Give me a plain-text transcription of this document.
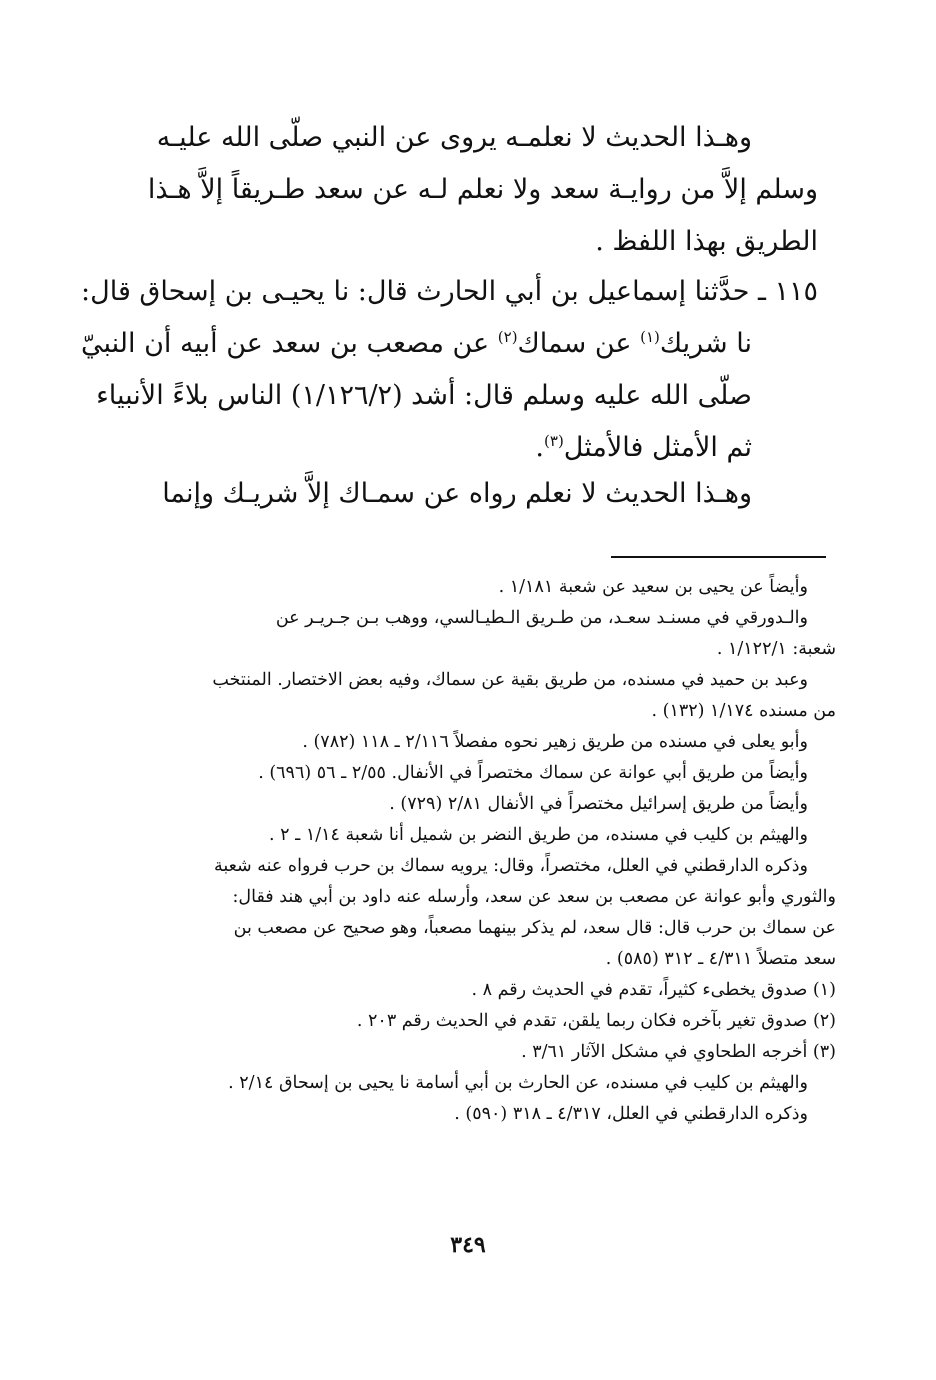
وهـذا الحديث لا نعلمـه يروى عن النبي صلّى الله عليـه
وسلم إلاَّ من روايـة سعد ولا نعلم لـه عن سعد طـريقاً إلاَّ هـذا
الطريق بهذا اللفظ .
١١٥ ـ حدَّثنا إسماعيل بن أبي الحارث قال: نا يحيـى بن إسحاق قال:
نا شريك$^{(١)}$ عن سماك$^{(٢)}$ عن مصعب بن سعد عن أبيه أن النبيّ
صلّى الله عليه وسلم قال: أشد (١/١٢٦/٢) الناس بلاءً الأنبياء
ثم الأمثل فالأمثل$^{(٣)}$.
وهـذا الحديث لا نعلم رواه عن سمـاك إلاَّ شريـك وإنما
وأيضاً عن يحيى بن سعيد عن شعبة ١/١٨١ .
والـدورقي في مسنـد سعـد، من طـريق الـطيـالسي، ووهب بـن جـريـر عن
شعبة: ١/١٢٢/١ .
وعبد بن حميد في مسنده، من طريق بقية عن سماك، وفيه بعض الاختصار. المنتخب
من مسنده ١/١٧٤ (١٣٢) .
وأبو يعلى في مسنده من طريق زهير نحوه مفصلاً ٢/١١٦ ـ ١١٨ (٧٨٢) .
وأيضاً من طريق أبي عوانة عن سماك مختصراً في الأنفال. ٢/٥٥ ـ ٥٦ (٦٩٦) .
وأيضاً من طريق إسرائيل مختصراً في الأنفال ٢/٨١ (٧٢٩) .
والهيثم بن كليب في مسنده، من طريق النضر بن شميل أنا شعبة ١/١٤ ـ ٢ .
وذكره الدارقطني في العلل، مختصراً، وقال: يرويه سماك بن حرب فرواه عنه شعبة
والثوري وأبو عوانة عن مصعب بن سعد عن سعد، وأرسله عنه داود بن أبي هند فقال:
عن سماك بن حرب قال: قال سعد، لم يذكر بينهما مصعباً، وهو صحيح عن مصعب بن
سعد متصلاً ٤/٣١١ ـ ٣١٢ (٥٨٥) .
(١) صدوق يخطىء كثيراً، تقدم في الحديث رقم ٨ .
(٢) صدوق تغير بآخره فكان ربما يلقن، تقدم في الحديث رقم ٢٠٣ .
(٣) أخرجه الطحاوي في مشكل الآثار ٣/٦١ .
والهيثم بن كليب في مسنده، عن الحارث بن أبي أسامة نا يحيى بن إسحاق ٢/١٤ .
وذكره الدارقطني في العلل، ٤/٣١٧ ـ ٣١٨ (٥٩٠) .
٣٤٩
